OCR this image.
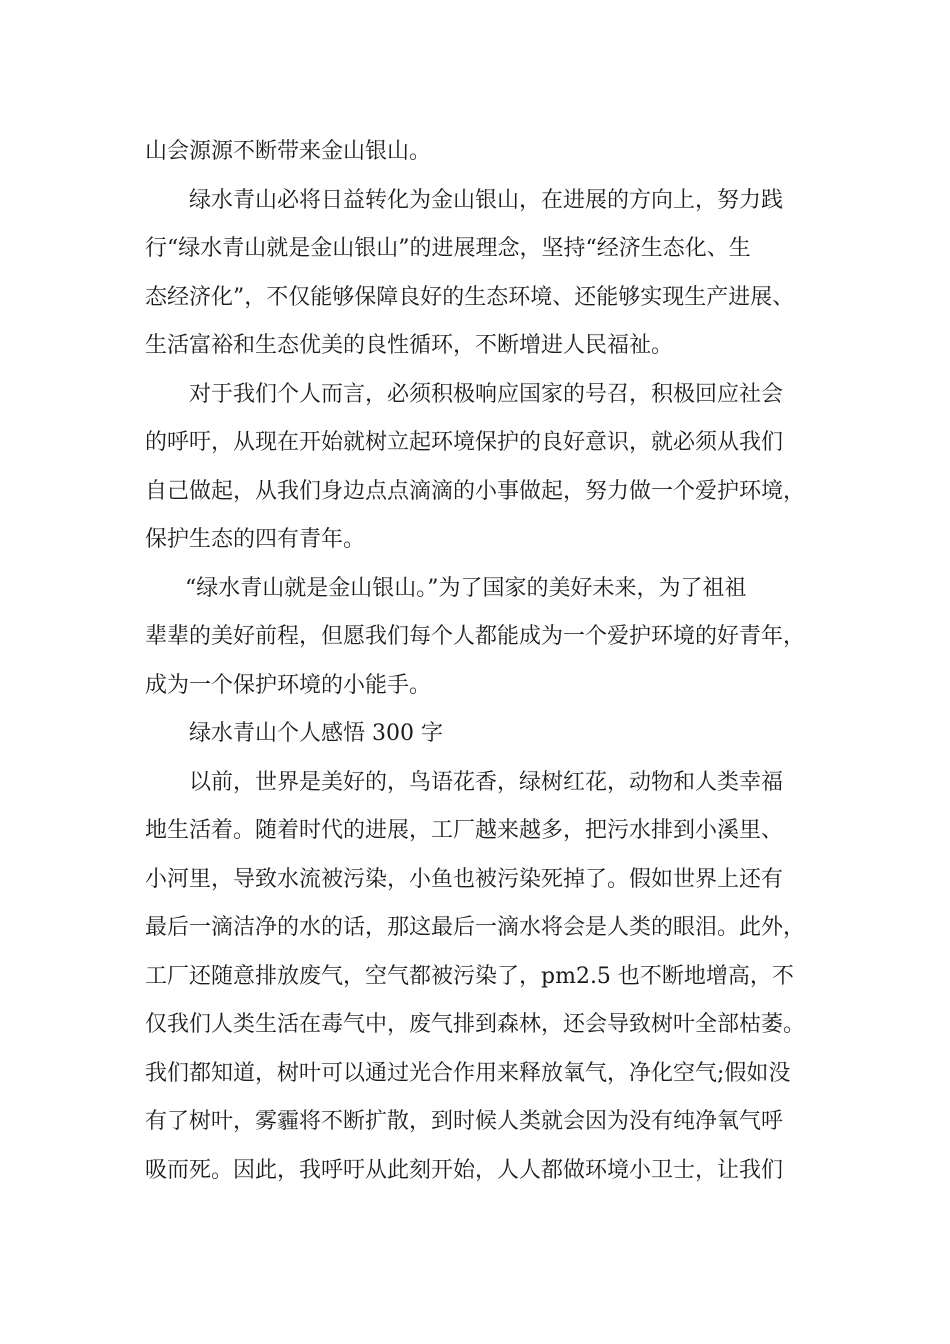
山会源源不断带来金山银山。
绿水青山必将日益转化为金山银山，在进展的方向上，努力践
行“绿水青山就是金山银山”的进展理念，坚持“经济生态化、生
态经济化”，不仅能够保障良好的生态环境、还能够实现生产进展、
生活富裕和生态优美的良性循环，不断增进人民福祉。
对于我们个人而言，必须积极响应国家的号召，积极回应社会
的呼吁，从现在开始就树立起环境保护的良好意识，就必须从我们
自己做起，从我们身边点点滴滴的小事做起，努力做一个爱护环境，
保护生态的四有青年。
“绿水青山就是金山银山。”为了国家的美好未来，为了祖祖
辈辈的美好前程，但愿我们每个人都能成为一个爱护环境的好青年，
成为一个保护环境的小能手。
绿水青山个人感悟 300 字
以前，世界是美好的，鸟语花香，绿树红花，动物和人类幸福
地生活着。随着时代的进展，工厂越来越多，把污水排到小溪里、
小河里，导致水流被污染，小鱼也被污染死掉了。假如世界上还有
最后一滴洁净的水的话，那这最后一滴水将会是人类的眼泪。此外，
工厂还随意排放废气，空气都被污染了，pm2.5 也不断地增高，不
仅我们人类生活在毒气中，废气排到森林，还会导致树叶全部枯萎。
我们都知道，树叶可以通过光合作用来释放氧气，净化空气;假如没
有了树叶，雾霾将不断扩散，到时候人类就会因为没有纯净氧气呼
吸而死。因此，我呼吁从此刻开始，人人都做环境小卫士，让我们
